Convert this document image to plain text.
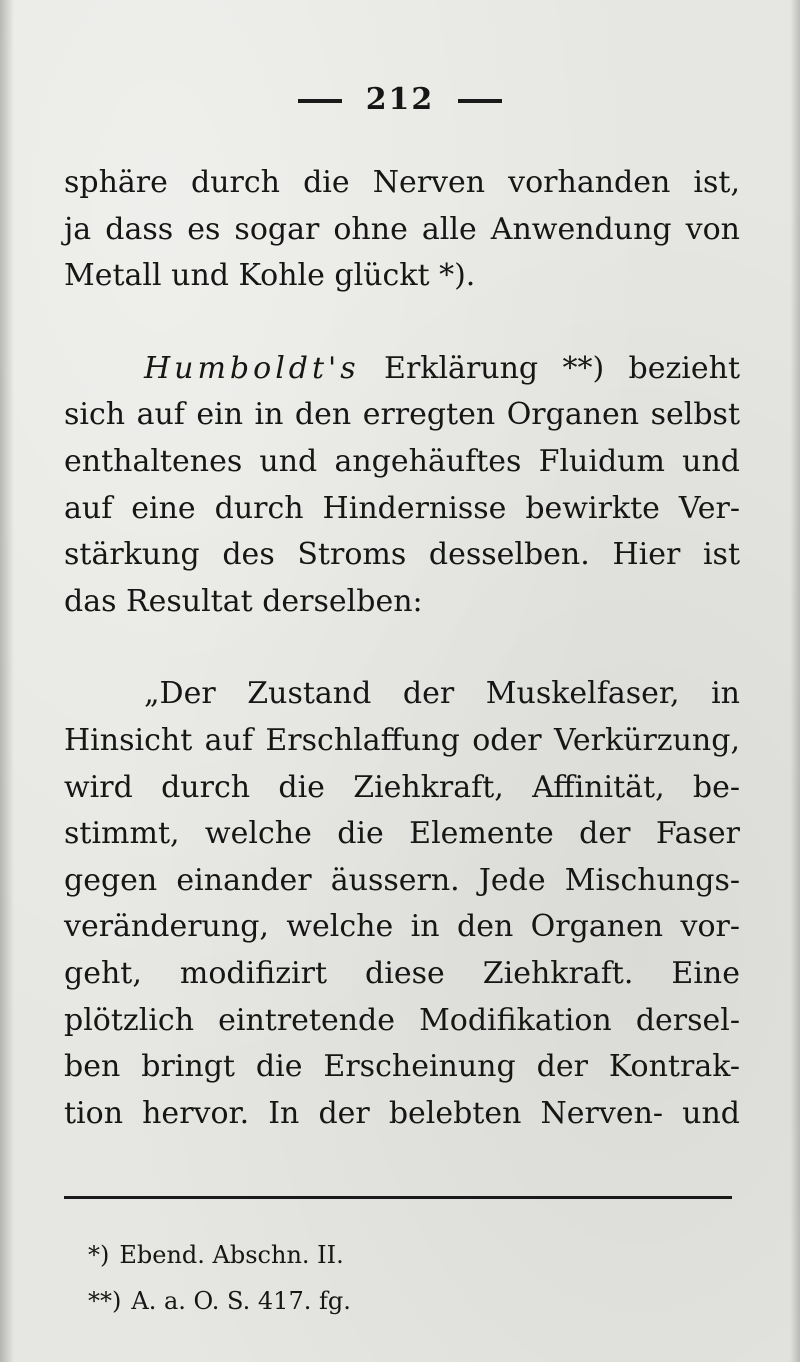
212
sphäre durch die Nerven vorhanden ist,
ja dass es sogar ohne alle Anwendung von
Metall und Kohle glückt *).
Humboldt's Erklärung **) bezieht
sich auf ein in den erregten Organen selbst
enthaltenes und angehäuftes Fluidum und
auf eine durch Hindernisse bewirkte Ver-
stärkung des Stroms desselben. Hier ist
das Resultat derselben:
„Der Zustand der Muskelfaser, in
Hinsicht auf Erschlaffung oder Verkürzung,
wird durch die Ziehkraft, Affinität, be-
stimmt, welche die Elemente der Faser
gegen einander äussern. Jede Mischungs-
veränderung, welche in den Organen vor-
geht, modifizirt diese Ziehkraft. Eine
plötzlich eintretende Modifikation dersel-
ben bringt die Erscheinung der Kontrak-
tion hervor. In der belebten Nerven- und
*) Ebend. Abschn. II.
**) A. a. O. S. 417. fg.
